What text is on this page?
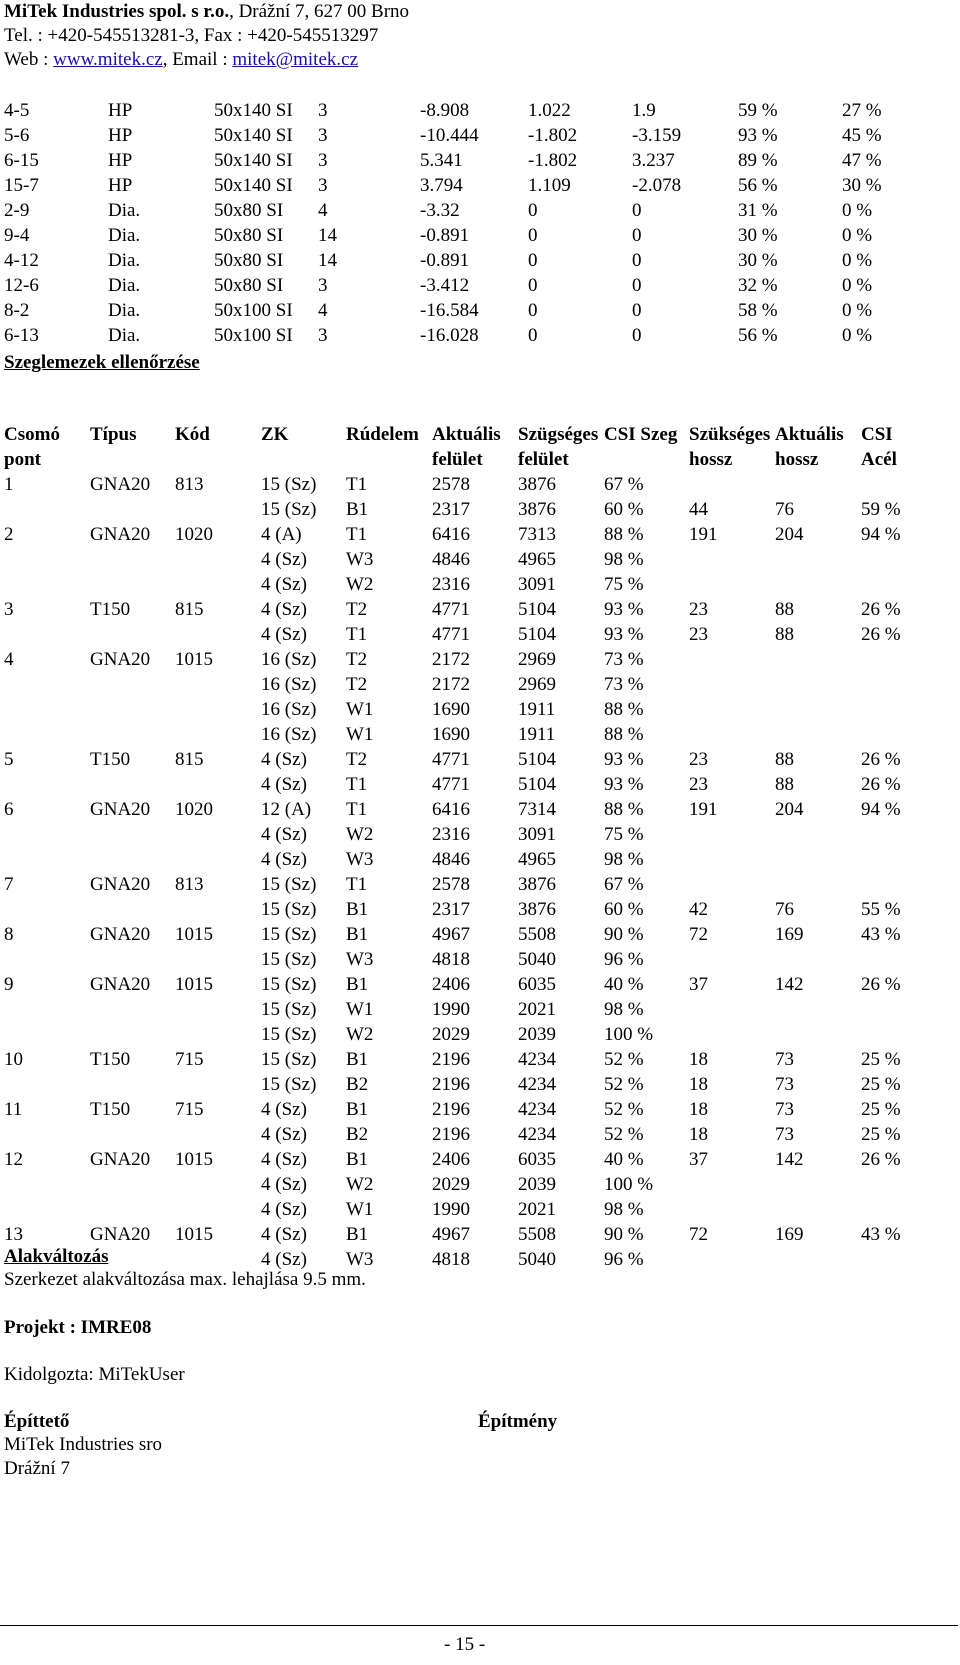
MiTek Industries spol. s r.o., Drážní 7, 627 00 Brno
Tel. : +420-545513281-3, Fax : +420-545513297
Web : www.mitek.cz, Email : mitek@mitek.cz
4-5	HP	50x140 SI	3	-8.908	1.022	1.9	59 %	27 %
5-6	HP	50x140 SI	3	-10.444	-1.802	-3.159	93 %	45 %
6-15	HP	50x140 SI	3	5.341	-1.802	3.237	89 %	47 %
15-7	HP	50x140 SI	3	3.794	1.109	-2.078	56 %	30 %
2-9	Dia.	50x80 SI	4	-3.32	0	0	31 %	0 %
9-4	Dia.	50x80 SI	14	-0.891	0	0	30 %	0 %
4-12	Dia.	50x80 SI	14	-0.891	0	0	30 %	0 %
12-6	Dia.	50x80 SI	3	-3.412	0	0	32 %	0 %
8-2	Dia.	50x100 SI	4	-16.584	0	0	58 %	0 %
6-13	Dia.	50x100 SI	3	-16.028	0	0	56 %	0 %
Szeglemezek ellenőrzése
Csomó pont	Típus	Kód	ZK	Rúdelem	Aktuális felület	Szügséges felület	CSI Szeg	Szükséges hossz	Aktuális hossz	CSI Acél
1	GNA20	813	15 (Sz)	T1	2578	3876	67 %			
			15 (Sz)	B1	2317	3876	60 %	44	76	59 %
2	GNA20	1020	4 (A)	T1	6416	7313	88 %	191	204	94 %
			4 (Sz)	W3	4846	4965	98 %			
			4 (Sz)	W2	2316	3091	75 %			
3	T150	815	4 (Sz)	T2	4771	5104	93 %	23	88	26 %
			4 (Sz)	T1	4771	5104	93 %	23	88	26 %
4	GNA20	1015	16 (Sz)	T2	2172	2969	73 %			
			16 (Sz)	T2	2172	2969	73 %			
			16 (Sz)	W1	1690	1911	88 %			
			16 (Sz)	W1	1690	1911	88 %			
5	T150	815	4 (Sz)	T2	4771	5104	93 %	23	88	26 %
			4 (Sz)	T1	4771	5104	93 %	23	88	26 %
6	GNA20	1020	12 (A)	T1	6416	7314	88 %	191	204	94 %
			4 (Sz)	W2	2316	3091	75 %			
			4 (Sz)	W3	4846	4965	98 %			
7	GNA20	813	15 (Sz)	T1	2578	3876	67 %			
			15 (Sz)	B1	2317	3876	60 %	42	76	55 %
8	GNA20	1015	15 (Sz)	B1	4967	5508	90 %	72	169	43 %
			15 (Sz)	W3	4818	5040	96 %			
9	GNA20	1015	15 (Sz)	B1	2406	6035	40 %	37	142	26 %
			15 (Sz)	W1	1990	2021	98 %			
			15 (Sz)	W2	2029	2039	100 %			
10	T150	715	15 (Sz)	B1	2196	4234	52 %	18	73	25 %
			15 (Sz)	B2	2196	4234	52 %	18	73	25 %
11	T150	715	4 (Sz)	B1	2196	4234	52 %	18	73	25 %
			4 (Sz)	B2	2196	4234	52 %	18	73	25 %
12	GNA20	1015	4 (Sz)	B1	2406	6035	40 %	37	142	26 %
			4 (Sz)	W2	2029	2039	100 %			
			4 (Sz)	W1	1990	2021	98 %			
13	GNA20	1015	4 (Sz)	B1	4967	5508	90 %	72	169	43 %
			4 (Sz)	W3	4818	5040	96 %			
Alakváltozás
Szerkezet alakváltozása max. lehajlása 9.5 mm.
Projekt : IMRE08
Kidolgozta: MiTekUser
Építtető
MiTek Industries sro
Drážní 7
Építmény
- 15 -
